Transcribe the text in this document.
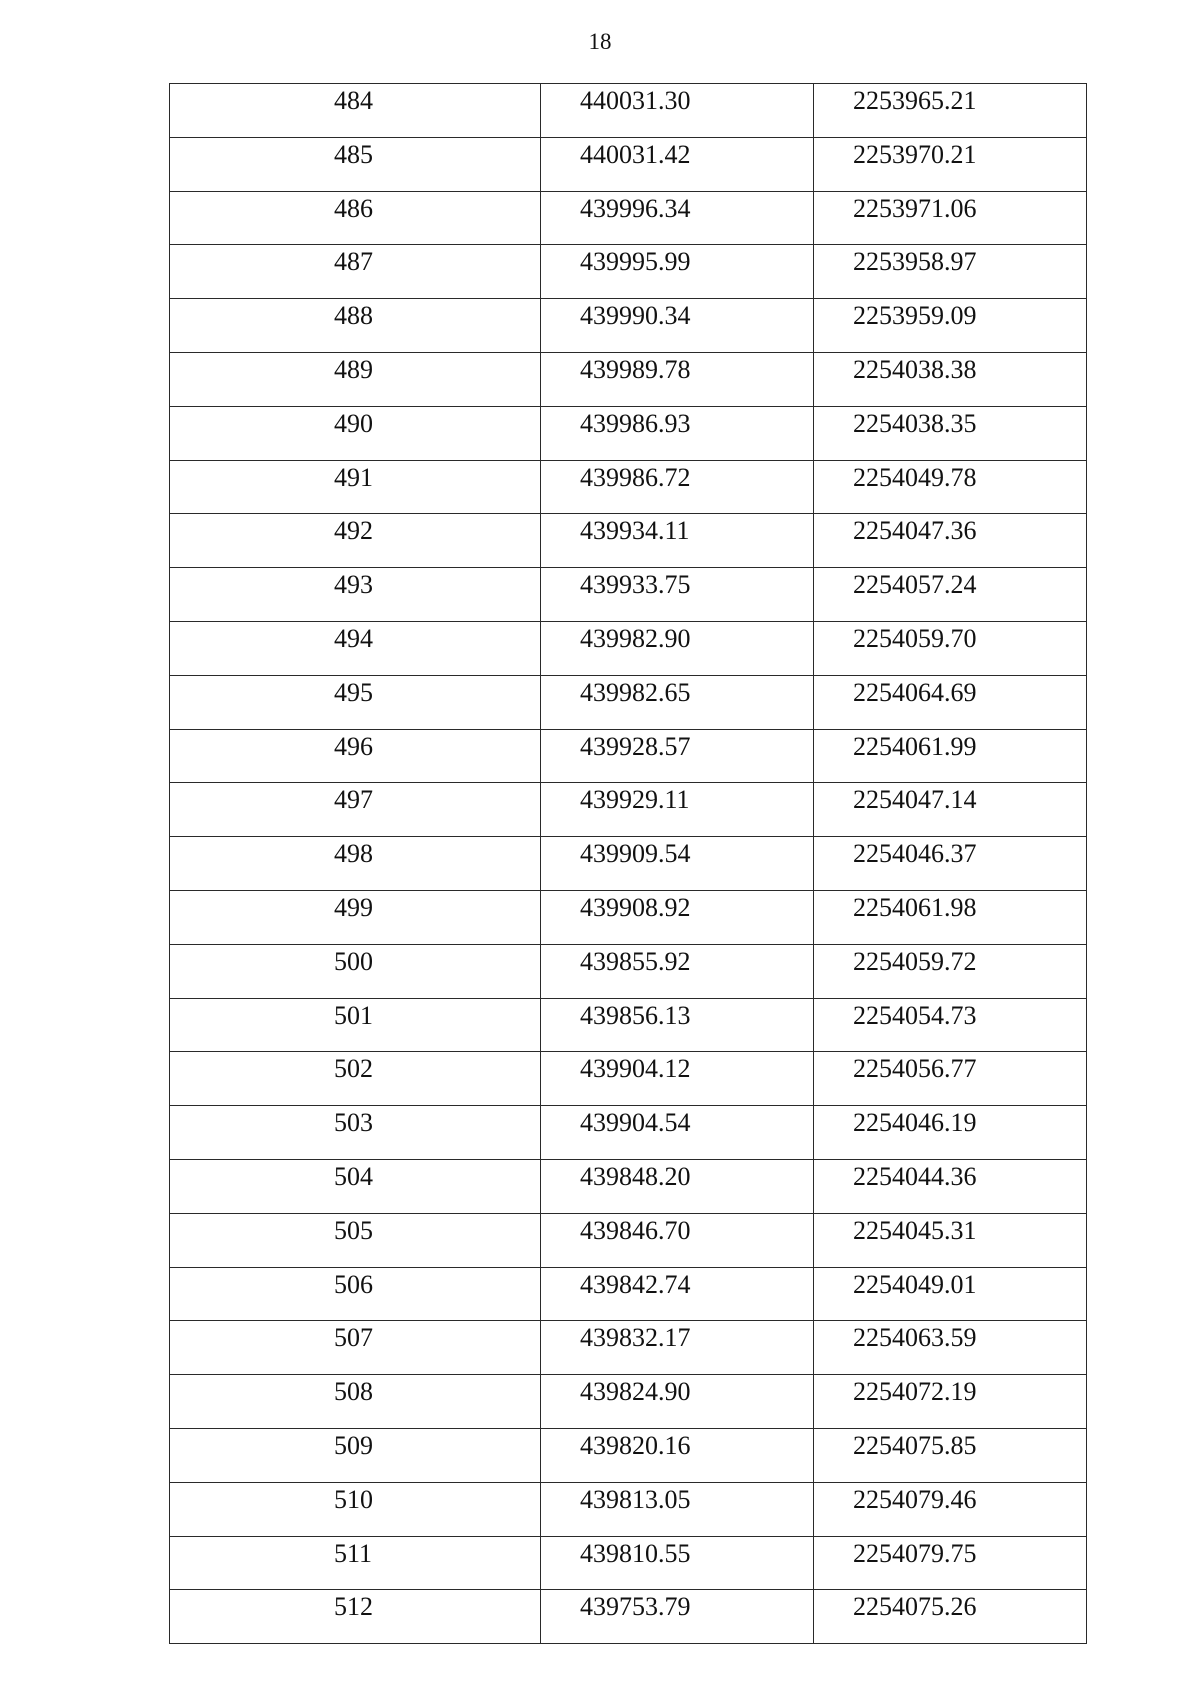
18
484	440031.30	2253965.21

485	440031.42	2253970.21

486	439996.34	2253971.06

487	439995.99	2253958.97

488	439990.34	2253959.09

489	439989.78	2254038.38

490	439986.93	2254038.35

491	439986.72	2254049.78

492	439934.11	2254047.36

493	439933.75	2254057.24

494	439982.90	2254059.70

495	439982.65	2254064.69

496	439928.57	2254061.99

497	439929.11	2254047.14

498	439909.54	2254046.37

499	439908.92	2254061.98

500	439855.92	2254059.72

501	439856.13	2254054.73

502	439904.12	2254056.77

503	439904.54	2254046.19

504	439848.20	2254044.36

505	439846.70	2254045.31

506	439842.74	2254049.01

507	439832.17	2254063.59

508	439824.90	2254072.19

509	439820.16	2254075.85

510	439813.05	2254079.46

511	439810.55	2254079.75

512	439753.79	2254075.26
